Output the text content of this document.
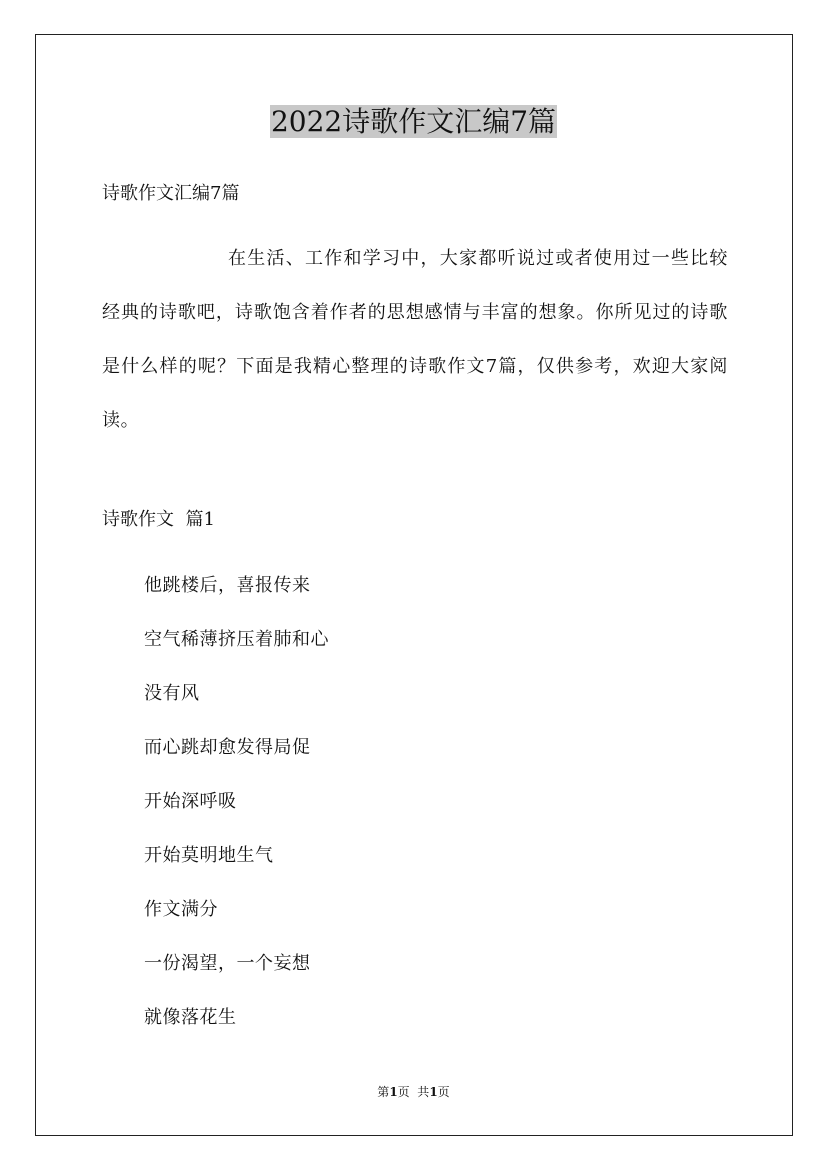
2022诗歌作文汇编7篇

诗歌作文汇编7篇

在生活、工作和学习中，大家都听说过或者使用过一些比较经典的诗歌吧，诗歌饱含着作者的思想感情与丰富的想象。你所见过的诗歌是什么样的呢？下面是我精心整理的诗歌作文7篇，仅供参考，欢迎大家阅读。

诗歌作文  篇1
他跳楼后，喜报传来
空气稀薄挤压着肺和心
没有风
而心跳却愈发得局促
开始深呼吸
开始莫明地生气
作文满分
一份渴望，一个妄想
就像落花生
第1页  共1页
